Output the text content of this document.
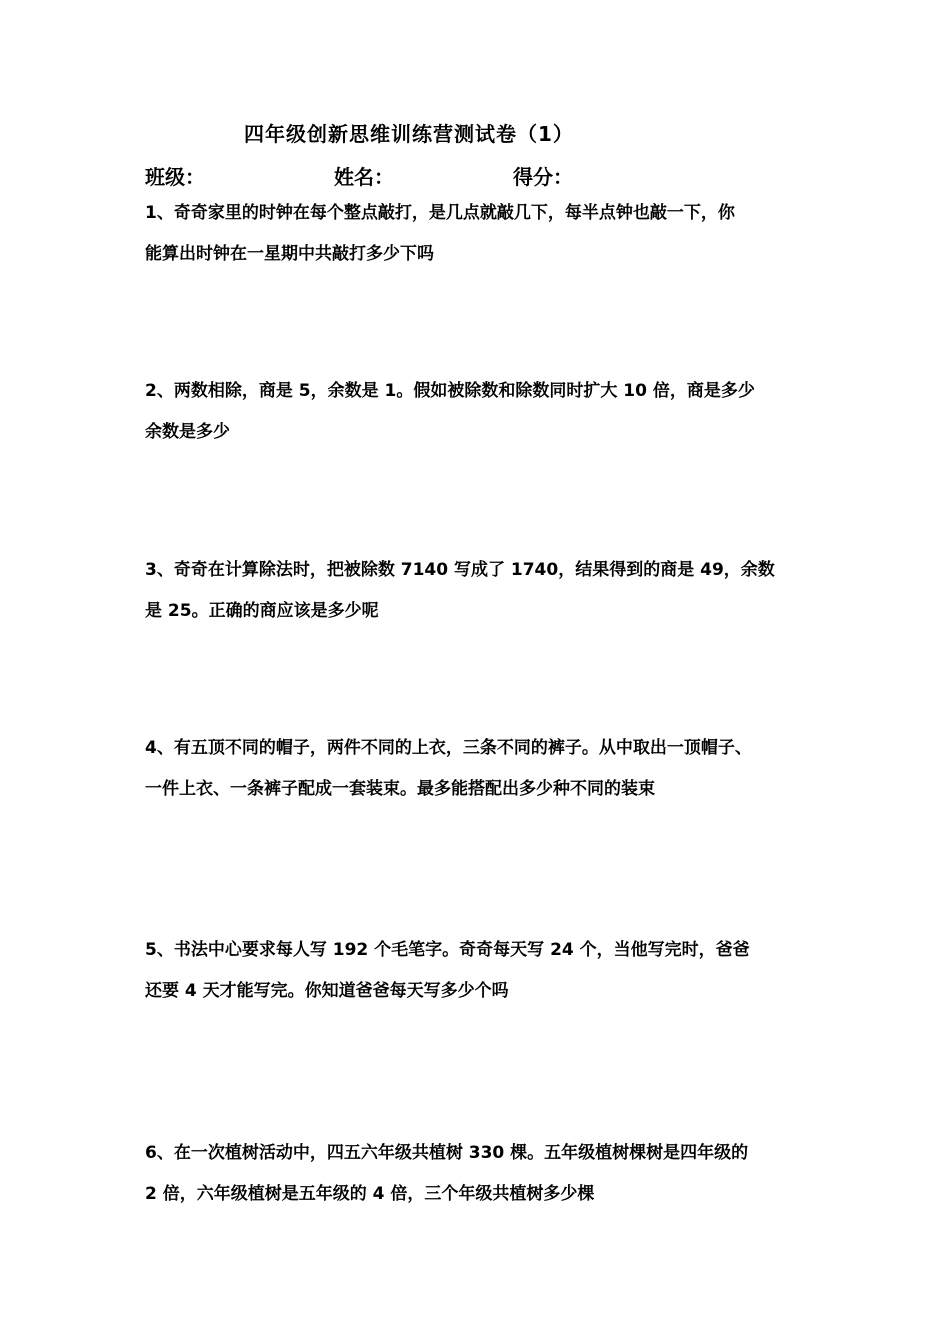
四年级创新思维训练营测试卷（1）
班级：	姓名：	得分：
1、奇奇家里的时钟在每个整点敲打，是几点就敲几下，每半点钟也敲一下，你
能算出时钟在一星期中共敲打多少下吗
2、两数相除，商是 5，余数是 1。假如被除数和除数同时扩大 10 倍，商是多少
余数是多少
3、奇奇在计算除法时，把被除数 7140 写成了 1740，结果得到的商是 49，余数
是 25。正确的商应该是多少呢
4、有五顶不同的帽子，两件不同的上衣，三条不同的裤子。从中取出一顶帽子、
一件上衣、一条裤子配成一套装束。最多能搭配出多少种不同的装束
5、书法中心要求每人写 192 个毛笔字。奇奇每天写 24 个，当他写完时，爸爸
还要 4 天才能写完。你知道爸爸每天写多少个吗
6、在一次植树活动中，四五六年级共植树 330 棵。五年级植树棵树是四年级的
2 倍，六年级植树是五年级的 4 倍，三个年级共植树多少棵
